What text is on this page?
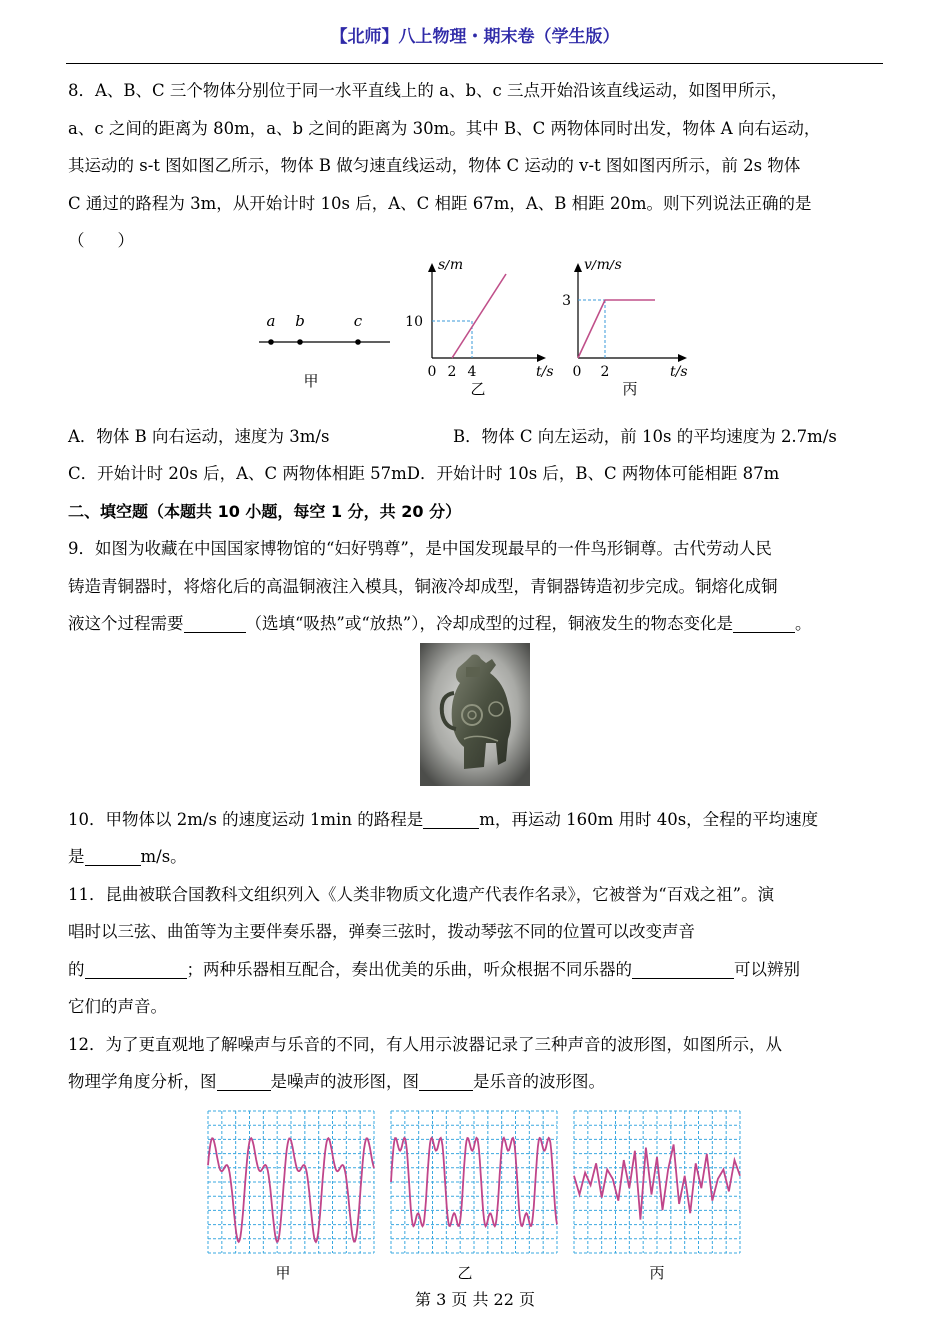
【北师】八上物理・期末卷（学生版）

8．A、B、C 三个物体分别位于同一水平直线上的 a、b、c 三点开始沿该直线运动，如图甲所示，

a、c 之间的距离为 80m，a、b 之间的距离为 30m。其中 B、C 两物体同时出发，物体 A 向右运动，

其运动的 s-t 图如图乙所示，物体 B 做匀速直线运动，物体 C 运动的 v-t 图如图丙所示，前 2s 物体

C 通过的路程为 3m，从开始计时 10s 后，A、C 相距 67m，A、B 相距 20m。则下列说法正确的是

（　　）

a b	c
甲
s/m
10
0 2 4	t/s
乙
v/m/s
3
0 2	t/s
丙
A．物体 B 向右运动，速度为 3m/s	B．物体 C 向左运动，前 10s 的平均速度为 2.7m/s
C．开始计时 20s 后，A、C 两物体相距 57m D．开始计时 10s 后，B、C 两物体可能相距 87m

二、填空题（本题共 10 小题，每空 1 分，共 20 分）

9．如图为收藏在中国国家博物馆的“妇好鸮尊”，是中国发现最早的一件鸟形铜尊。古代劳动人民

铸造青铜器时，将熔化后的高温铜液注入模具，铜液冷却成型，青铜器铸造初步完成。铜熔化成铜

液这个过程需要	（选填“吸热”或“放热”），冷却成型的过程，铜液发生的物态变化是	。

10．甲物体以 2m/s 的速度运动 1min 的路程是	m，再运动 160m 用时 40s，全程的平均速度

是	m/s。

11．昆曲被联合国教科文组织列入《人类非物质文化遗产代表作名录》，它被誉为“百戏之祖”。演

唱时以三弦、曲笛等为主要伴奏乐器，弹奏三弦时，拨动琴弦不同的位置可以改变声音

的	；两种乐器相互配合，奏出优美的乐曲，听众根据不同乐器的	可以辨别

它们的声音。

12．为了更直观地了解噪声与乐音的不同，有人用示波器记录了三种声音的波形图，如图所示，从

物理学角度分析，图	是噪声的波形图，图	是乐音的波形图。

甲	乙	丙
第 3 页 共 22 页
